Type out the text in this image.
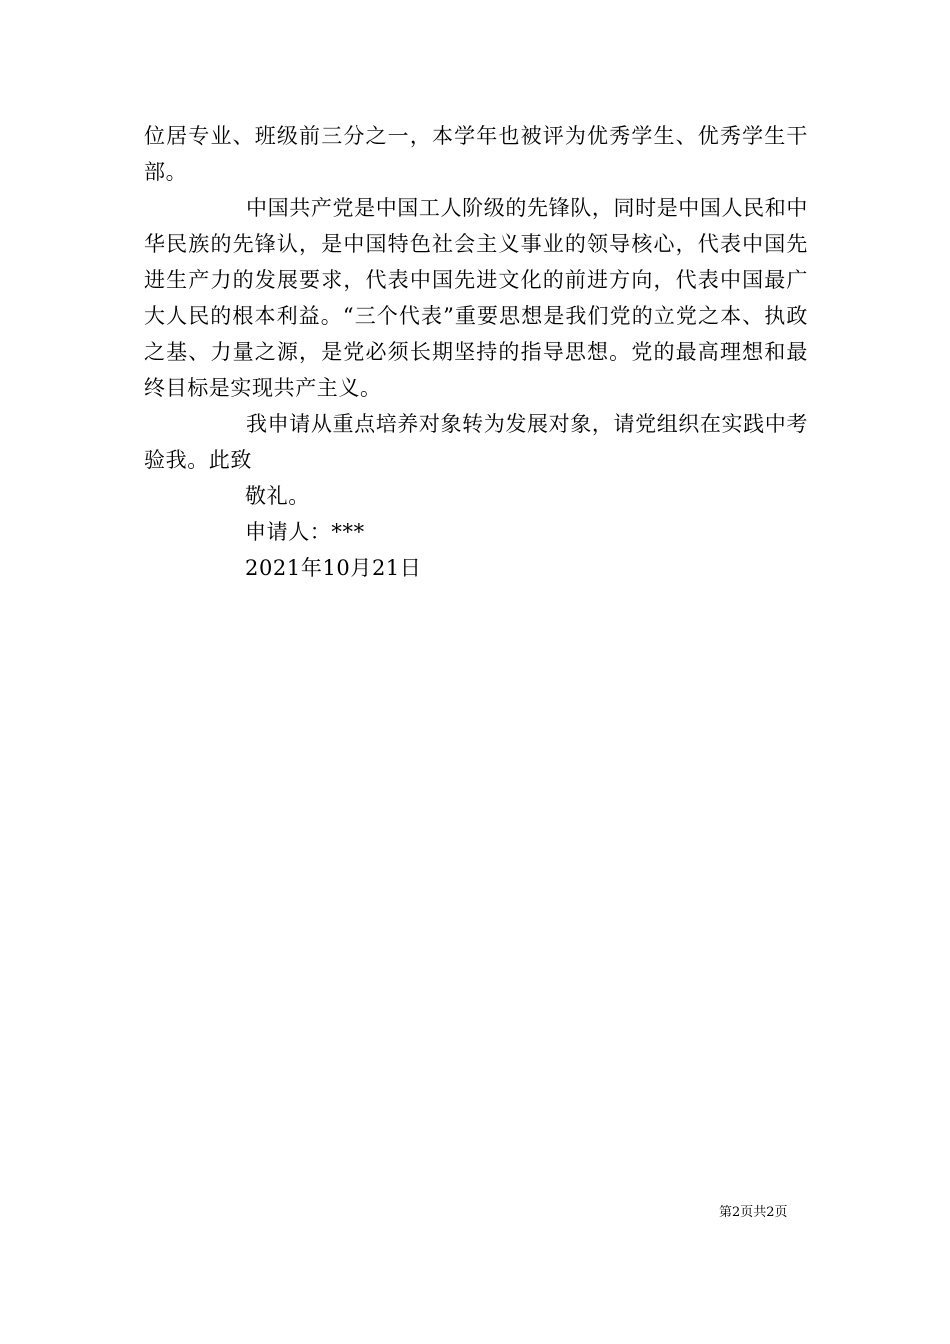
位居专业、班级前三分之一，本学年也被评为优秀学生、优秀学生干部。

中国共产党是中国工人阶级的先锋队，同时是中国人民和中华民族的先锋认，是中国特色社会主义事业的领导核心，代表中国先进生产力的发展要求，代表中国先进文化的前进方向，代表中国最广大人民的根本利益。“三个代表”重要思想是我们党的立党之本、执政之基、力量之源，是党必须长期坚持的指导思想。党的最高理想和最终目标是实现共产主义。

我申请从重点培养对象转为发展对象，请党组织在实践中考验我。此致

敬礼。

申请人：***

2021年10月21日

第2页共2页
